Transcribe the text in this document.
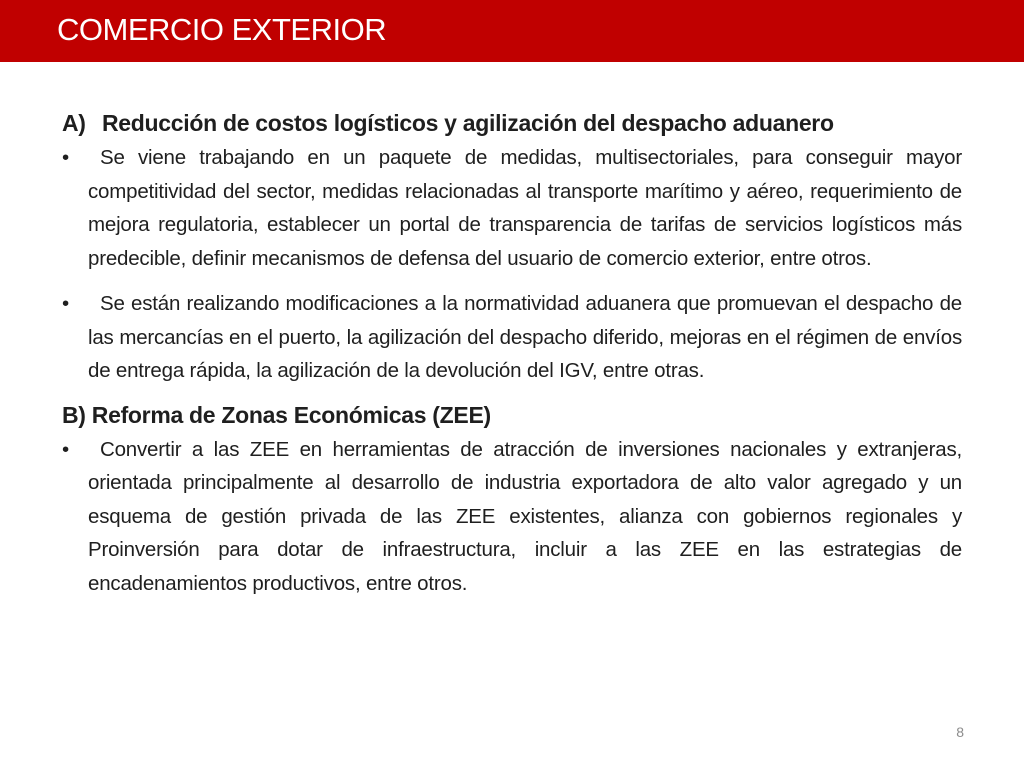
COMERCIO EXTERIOR

A) Reducción de costos logísticos y agilización del despacho aduanero

•	Se viene trabajando en un paquete de medidas, multisectoriales, para conseguir mayor competitividad del sector, medidas relacionadas al transporte marítimo y aéreo, requerimiento de mejora regulatoria, establecer un portal de transparencia de tarifas de servicios logísticos más predecible, definir mecanismos de defensa del usuario de comercio exterior, entre otros.
•	Se están realizando modificaciones a la normatividad aduanera que promuevan el despacho de las mercancías en el puerto, la agilización del despacho diferido, mejoras en el régimen de envíos de entrega rápida, la agilización de la devolución del IGV, entre otras.

B) Reforma de Zonas Económicas (ZEE)

•	Convertir a las ZEE en herramientas de atracción de inversiones nacionales y extranjeras, orientada principalmente al desarrollo de industria exportadora de alto valor agregado y un esquema de gestión privada de las ZEE existentes, alianza con gobiernos regionales y Proinversión para dotar de infraestructura, incluir a las ZEE en las estrategias de encadenamientos productivos, entre otros.
8
